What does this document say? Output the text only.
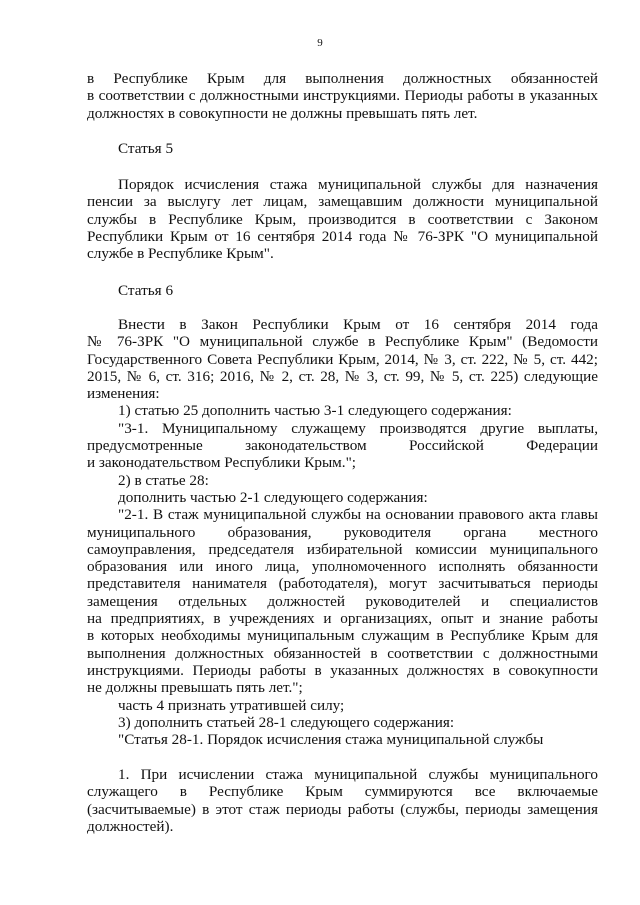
9
в Республике Крым для выполнения должностных обязанностей
в соответствии с должностными инструкциями. Периоды работы в указанных
должностях в совокупности не должны превышать пять лет.
Статья 5
Порядок исчисления стажа муниципальной службы для назначения
пенсии за выслугу лет лицам, замещавшим должности муниципальной
службы в Республике Крым, производится в соответствии с Законом
Республики Крым от 16 сентября 2014 года № 76-ЗРК "О муниципальной
службе в Республике Крым".
Статья 6
Внести в Закон Республики Крым от 16 сентября 2014 года
№ 76-ЗРК "О муниципальной службе в Республике Крым" (Ведомости
Государственного Совета Республики Крым, 2014, № 3, ст. 222, № 5, ст. 442;
2015, № 6, ст. 316; 2016, № 2, ст. 28, № 3, ст. 99, № 5, ст. 225) следующие
изменения:
1) статью 25 дополнить частью 3-1 следующего содержания:
"3-1. Муниципальному служащему производятся другие выплаты,
предусмотренные законодательством Российской Федерации
и законодательством Республики Крым.";
2) в статье 28:
дополнить частью 2-1 следующего содержания:
"2-1. В стаж муниципальной службы на основании правового акта главы
муниципального образования, руководителя органа местного
самоуправления, председателя избирательной комиссии муниципального
образования или иного лица, уполномоченного исполнять обязанности
представителя нанимателя (работодателя), могут засчитываться периоды
замещения отдельных должностей руководителей и специалистов
на предприятиях, в учреждениях и организациях, опыт и знание работы
в которых необходимы муниципальным служащим в Республике Крым для
выполнения должностных обязанностей в соответствии с должностными
инструкциями. Периоды работы в указанных должностях в совокупности
не должны превышать пять лет.";
часть 4 признать утратившей силу;
3) дополнить статьей 28-1 следующего содержания:
"Статья 28-1. Порядок исчисления стажа муниципальной службы
1. При исчислении стажа муниципальной службы муниципального
служащего в Республике Крым суммируются все включаемые
(засчитываемые) в этот стаж периоды работы (службы, периоды замещения
должностей).
